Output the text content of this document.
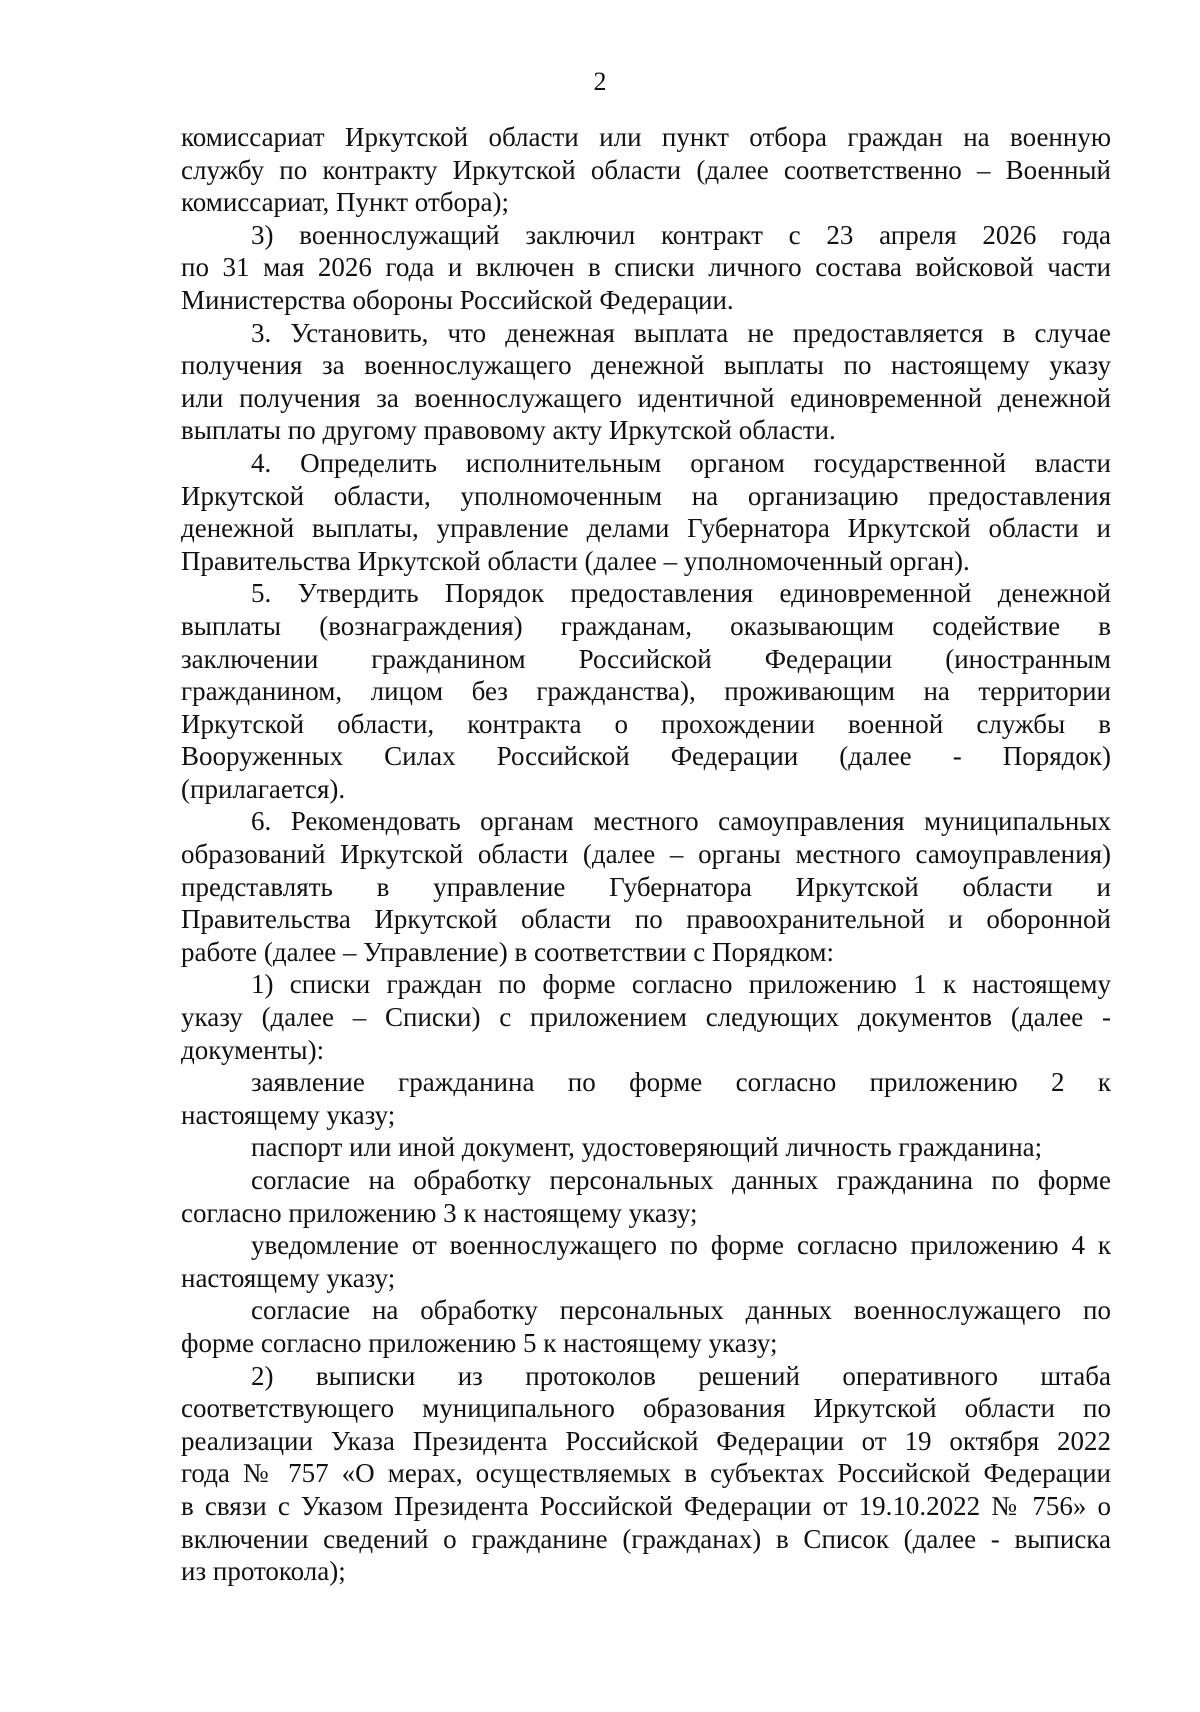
2
комиссариат Иркутской области или пункт отбора граждан на военную
службу по контракту Иркутской области (далее соответственно – Военный
комиссариат, Пункт отбора);
3) военнослужащий заключил контракт с 23 апреля 2026 года
по 31 мая 2026 года и включен в списки личного состава войсковой части
Министерства обороны Российской Федерации.
3. Установить, что денежная выплата не предоставляется в случае
получения за военнослужащего денежной выплаты по настоящему указу
или получения за военнослужащего идентичной единовременной денежной
выплаты по другому правовому акту Иркутской области.
4. Определить исполнительным органом государственной власти
Иркутской области, уполномоченным на организацию предоставления
денежной выплаты, управление делами Губернатора Иркутской области и
Правительства Иркутской области (далее – уполномоченный орган).
5. Утвердить Порядок предоставления единовременной денежной
выплаты (вознаграждения) гражданам, оказывающим содействие в
заключении гражданином Российской Федерации (иностранным
гражданином, лицом без гражданства), проживающим на территории
Иркутской области, контракта о прохождении военной службы в
Вооруженных Силах Российской Федерации (далее - Порядок)
(прилагается).
6. Рекомендовать органам местного самоуправления муниципальных
образований Иркутской области (далее – органы местного самоуправления)
представлять в управление Губернатора Иркутской области и
Правительства Иркутской области по правоохранительной и оборонной
работе (далее – Управление) в соответствии с Порядком:
1) списки граждан по форме согласно приложению 1 к настоящему
указу (далее – Списки) с приложением следующих документов (далее -
документы):
заявление гражданина по форме согласно приложению 2 к
настоящему указу;
паспорт или иной документ, удостоверяющий личность гражданина;
согласие на обработку персональных данных гражданина по форме
согласно приложению 3 к настоящему указу;
уведомление от военнослужащего по форме согласно приложению 4 к
настоящему указу;
согласие на обработку персональных данных военнослужащего по
форме согласно приложению 5 к настоящему указу;
2) выписки из протоколов решений оперативного штаба
соответствующего муниципального образования Иркутской области по
реализации Указа Президента Российской Федерации от 19 октября 2022
года № 757 «О мерах, осуществляемых в субъектах Российской Федерации
в связи с Указом Президента Российской Федерации от 19.10.2022 № 756» о
включении сведений о гражданине (гражданах) в Список (далее - выписка
из протокола);
